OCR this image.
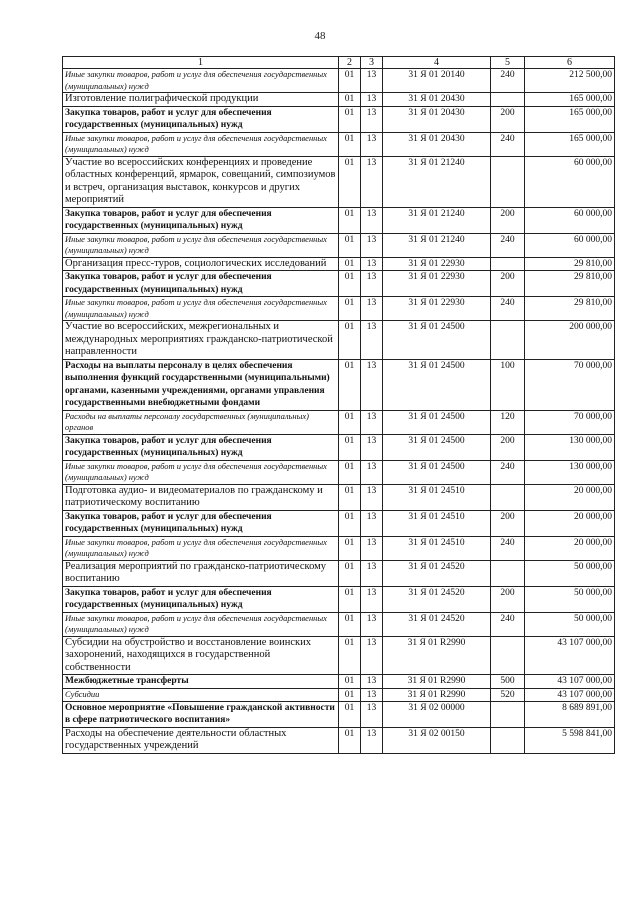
48
1	2	3	4	5	6
Иные закупки товаров, работ и услуг для обеспечения государственных (муниципальных) нужд	01	13	31 Я 01 20140	240	212 500,00
Изготовление полиграфической продукции	01	13	31 Я 01 20430		165 000,00
Закупка товаров, работ и услуг для обеспечения государственных (муниципальных) нужд	01	13	31 Я 01 20430	200	165 000,00
Иные закупки товаров, работ и услуг для обеспечения государственных (муниципальных) нужд	01	13	31 Я 01 20430	240	165 000,00
Участие во всероссийских конференциях и проведение областных конференций, ярмарок, совещаний, симпозиумов и встреч, организация выставок, конкурсов и других мероприятий	01	13	31 Я 01 21240		60 000,00
Закупка товаров, работ и услуг для обеспечения государственных (муниципальных) нужд	01	13	31 Я 01 21240	200	60 000,00
Иные закупки товаров, работ и услуг для обеспечения государственных (муниципальных) нужд	01	13	31 Я 01 21240	240	60 000,00
Организация пресс-туров, социологических исследований	01	13	31 Я 01 22930		29 810,00
Закупка товаров, работ и услуг для обеспечения государственных (муниципальных) нужд	01	13	31 Я 01 22930	200	29 810,00
Иные закупки товаров, работ и услуг для обеспечения государственных (муниципальных) нужд	01	13	31 Я 01 22930	240	29 810,00
Участие во всероссийских, межрегиональных и международных мероприятиях гражданско-патриотической направленности	01	13	31 Я 01 24500		200 000,00
Расходы на выплаты персоналу в целях обеспечения выполнения функций государственными (муниципальными) органами, казенными учреждениями, органами управления государственными внебюджетными фондами	01	13	31 Я 01 24500	100	70 000,00
Расходы на выплаты персоналу государственных (муниципальных) органов	01	13	31 Я 01 24500	120	70 000,00
Закупка товаров, работ и услуг для обеспечения государственных (муниципальных) нужд	01	13	31 Я 01 24500	200	130 000,00
Иные закупки товаров, работ и услуг для обеспечения государственных (муниципальных) нужд	01	13	31 Я 01 24500	240	130 000,00
Подготовка аудио- и видеоматериалов по гражданскому и патриотическому воспитанию	01	13	31 Я 01 24510		20 000,00
Закупка товаров, работ и услуг для обеспечения государственных (муниципальных) нужд	01	13	31 Я 01 24510	200	20 000,00
Иные закупки товаров, работ и услуг для обеспечения государственных (муниципальных) нужд	01	13	31 Я 01 24510	240	20 000,00
Реализация мероприятий по гражданско-патриотическому воспитанию	01	13	31 Я 01 24520		50 000,00
Закупка товаров, работ и услуг для обеспечения государственных (муниципальных) нужд	01	13	31 Я 01 24520	200	50 000,00
Иные закупки товаров, работ и услуг для обеспечения государственных (муниципальных) нужд	01	13	31 Я 01 24520	240	50 000,00
Субсидии на обустройство и восстановление воинских захоронений, находящихся в государственной собственности	01	13	31 Я 01 R2990		43 107 000,00
Межбюджетные трансферты	01	13	31 Я 01 R2990	500	43 107 000,00
Субсидии	01	13	31 Я 01 R2990	520	43 107 000,00
Основное мероприятие «Повышение гражданской активности в сфере патриотического воспитания»	01	13	31 Я 02 00000		8 689 891,00
Расходы на обеспечение деятельности областных государственных учреждений	01	13	31 Я 02 00150		5 598 841,00
